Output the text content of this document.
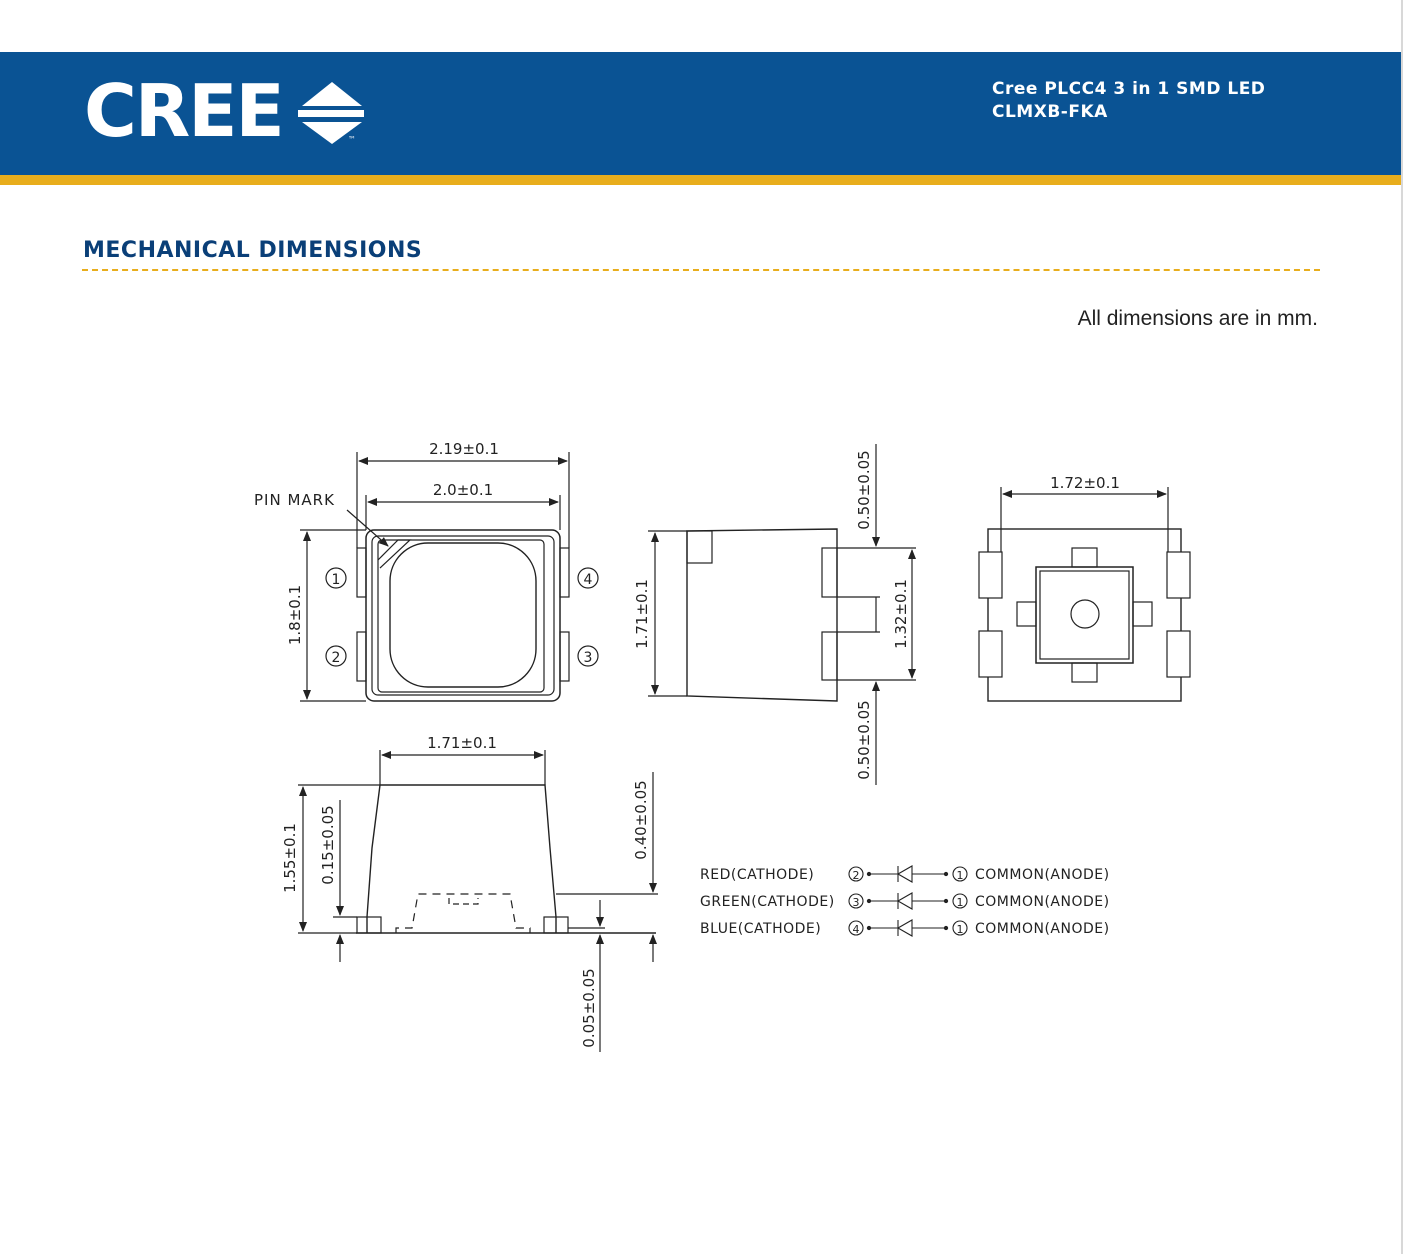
CREE	™
Cree PLCC4 3 in 1 SMD LED
CLMXB-FKA
MECHANICAL DIMENSIONS
All dimensions are in mm.
2.19±0.1
2.0±0.1
PIN MARK
1.8±0.1
1
2	3
4	1.71±0.1
0.50±0.05
1.32±0.1
0.50±0.05
1.72±0.1
1.71±0.1
1.55±0.1 0.15±0.05	0.40±0.05
0.05±0.05
RED(CATHODE)	2	1 COMMON(ANODE)
GREEN(CATHODE) 3	1 COMMON(ANODE)
BLUE(CATHODE)	4	1 COMMON(ANODE)
